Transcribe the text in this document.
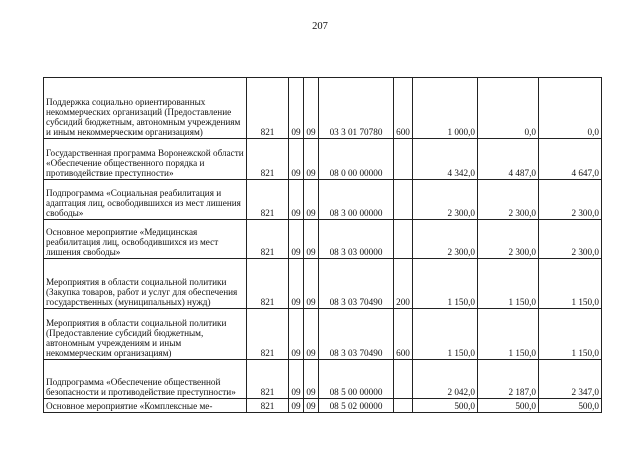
207
Поддержка социально ориентированных некоммерческих организаций (Предоставление субсидий бюджетным, автономным учреждениям и иным некоммерческим организациям)	821	09	09	03 3 01 70780	600	1 000,0	0,0	0,0
Государственная программа Воронежской области «Обеспечение общественного порядка и противодействие преступности»	821	09	09	08 0 00 00000		4 342,0	4 487,0	4 647,0
Подпрограмма «Социальная реабилитация и адаптация лиц, освободившихся из мест лишения свободы»	821	09	09	08 3 00 00000		2 300,0	2 300,0	2 300,0
Основное мероприятие «Медицинская реабилитация лиц, освободившихся из мест лишения свободы»	821	09	09	08 3 03 00000		2 300,0	2 300,0	2 300,0
Мероприятия в области социальной политики (Закупка товаров, работ и услуг для обеспечения государственных (муниципальных) нужд)	821	09	09	08 3 03 70490	200	1 150,0	1 150,0	1 150,0
Мероприятия в области социальной политики (Предоставление субсидий бюджетным, автономным учреждениям и иным некоммерческим организациям)	821	09	09	08 3 03 70490	600	1 150,0	1 150,0	1 150,0
Подпрограмма «Обеспечение общественной безопасности и противодействие преступности»	821	09	09	08 5 00 00000		2 042,0	2 187,0	2 347,0
Основное мероприятие «Комплексные ме-	821	09	09	08 5 02 00000		500,0	500,0	500,0
